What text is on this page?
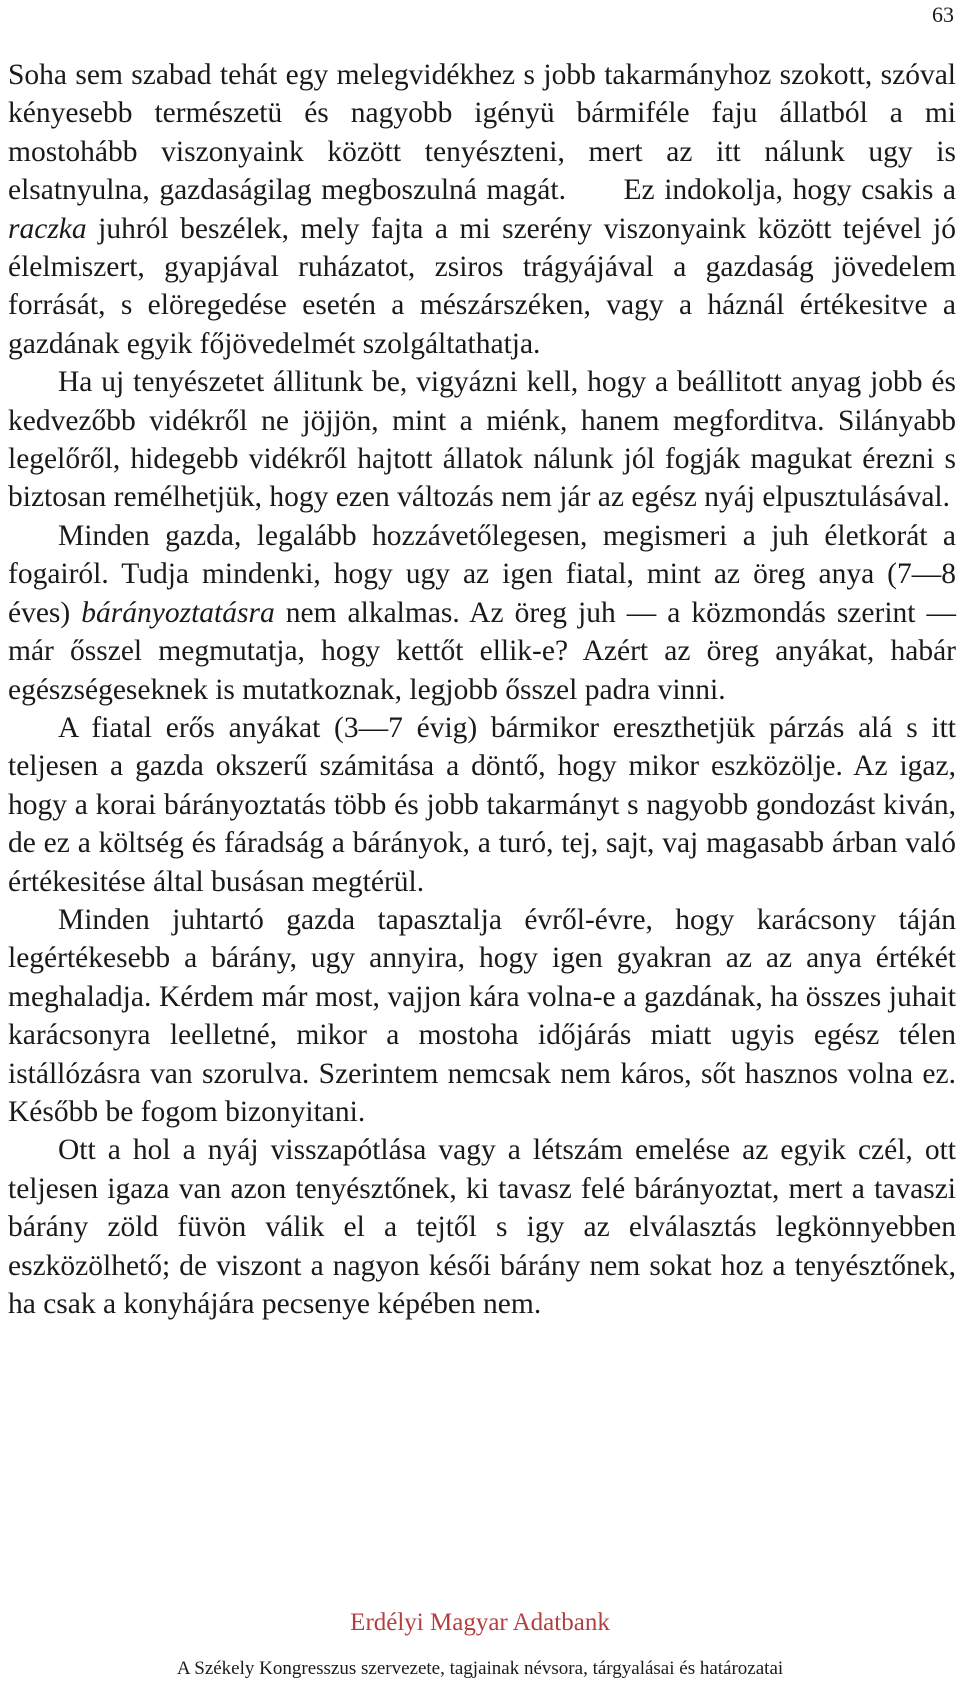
63

Soha sem szabad tehát egy melegvidékhez s jobb takarmányhoz szokott, szóval kényesebb természetü és nagyobb igényü bármiféle faju állatból a mi mostohább viszonyaink között tenyészteni, mert az itt nálunk ugy is elsatnyulna, gazdaságilag megboszulná magát. Ez indokolja, hogy csakis a raczka juhról beszélek, mely fajta a mi szerény viszonyaink között tejével jó élelmiszert, gyapjával ruházatot, zsiros trágyájával a gazdaság jövedelem forrását, s elöregedése esetén a mészárszéken, vagy a háznál értékesitve a gazdának egyik főjövedelmét szolgáltathatja.

Ha uj tenyészetet állitunk be, vigyázni kell, hogy a beállitott anyag jobb és kedvezőbb vidékről ne jöjjön, mint a miénk, hanem megforditva. Silányabb legelőről, hidegebb vidékről hajtott állatok nálunk jól fogják magukat érezni s biztosan remélhetjük, hogy ezen változás nem jár az egész nyáj elpusztulásával.

Minden gazda, legalább hozzávetőlegesen, megismeri a juh életkorát a fogairól. Tudja mindenki, hogy ugy az igen fiatal, mint az öreg anya (7—8 éves) bárányoztatásra nem alkalmas. Az öreg juh — a közmondás szerint — már ősszel megmutatja, hogy kettőt ellik-e? Azért az öreg anyákat, habár egészségeseknek is mutatkoznak, legjobb ősszel padra vinni.

A fiatal erős anyákat (3—7 évig) bármikor ereszthetjük párzás alá s itt teljesen a gazda okszerű számitása a döntő, hogy mikor eszközölje. Az igaz, hogy a korai bárányoztatás több és jobb takarmányt s nagyobb gondozást kiván, de ez a költség és fáradság a bárányok, a turó, tej, sajt, vaj magasabb árban való értékesitése által busásan megtérül.

Minden juhtartó gazda tapasztalja évről-évre, hogy karácsony táján legértékesebb a bárány, ugy annyira, hogy igen gyakran az az anya értékét meghaladja. Kérdem már most, vajjon kára volna-e a gazdának, ha összes juhait karácsonyra leelletné, mikor a mostoha időjárás miatt ugyis egész télen istállózásra van szorulva. Szerintem nemcsak nem káros, sőt hasznos volna ez. Később be fogom bizonyitani.

Ott a hol a nyáj visszapótlása vagy a létszám emelése az egyik czél, ott teljesen igaza van azon tenyésztőnek, ki tavasz felé bárányoztat, mert a tavaszi bárány zöld füvön válik el a tejtől s igy az elválasztás legkönnyebben eszközölhető; de viszont a nagyon késői bárány nem sokat hoz a tenyésztőnek, ha csak a konyhájára pecsenye képében nem.

Erdélyi Magyar Adatbank
A Székely Kongresszus szervezete, tagjainak névsora, tárgyalásai és határozatai
